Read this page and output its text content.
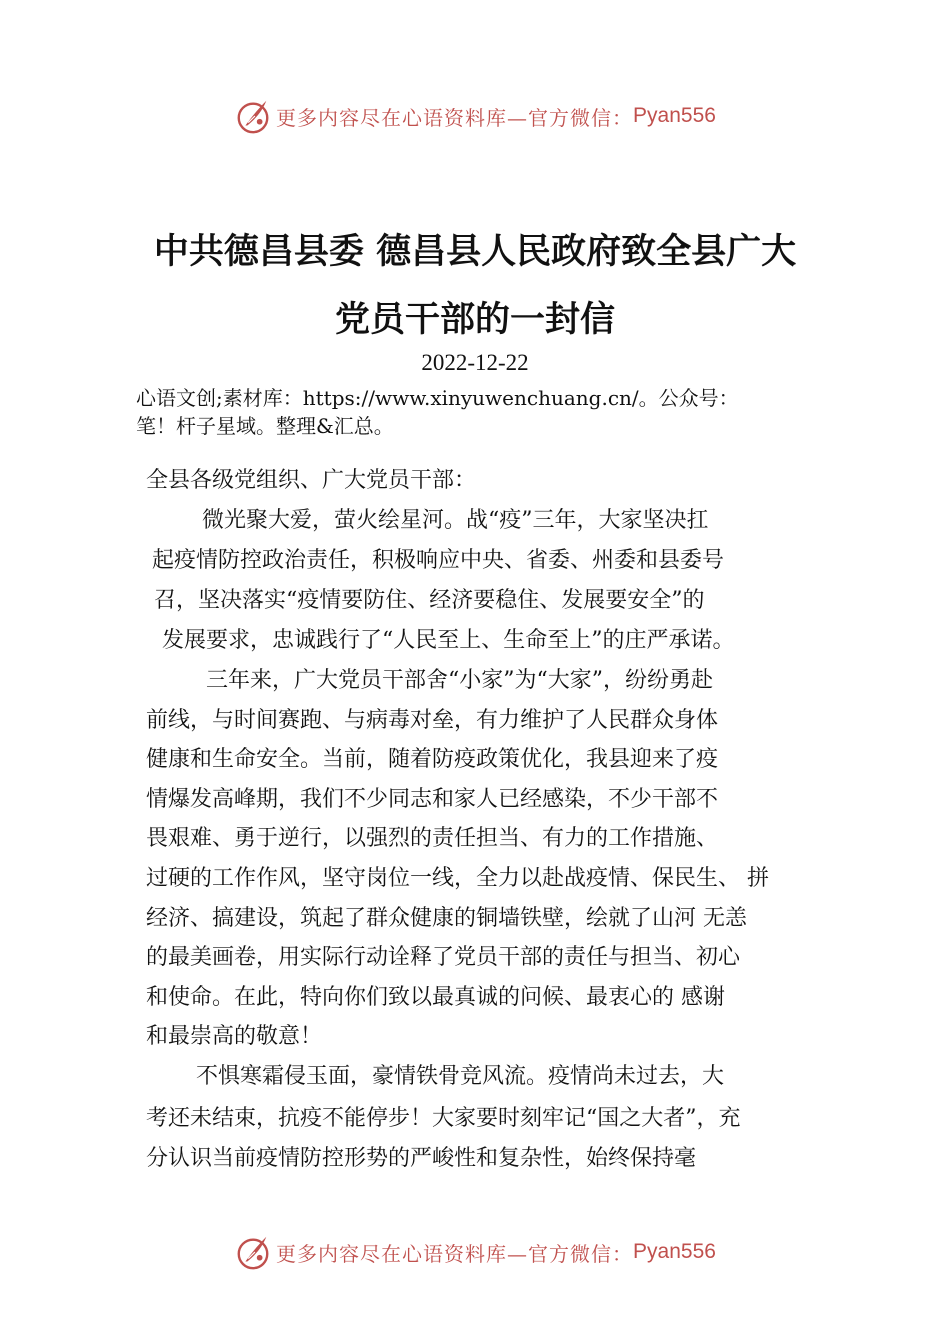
更多内容尽在心语资料库—官方微信： Pyan556
中共德昌县委 德昌县人民政府致全县广大
党员干部的一封信
2022-12-22
心语文创;素材库：https://www.xinyuwenchuang.cn/。公众号：
笔！杆子星域。整理&汇总。
全县各级党组织、广大党员干部：
微光聚大爱，萤火绘星河。战“疫”三年，大家坚决扛
起疫情防控政治责任，积极响应中央、省委、州委和县委号
召，坚决落实“疫情要防住、经济要稳住、发展要安全”的
发展要求，忠诚践行了“人民至上、生命至上”的庄严承诺。
三年来，广大党员干部舍“小家”为“大家”，纷纷勇赴
前线，与时间赛跑、与病毒对垒，有力维护了人民群众身体
健康和生命安全。当前，随着防疫政策优化，我县迎来了疫
情爆发高峰期，我们不少同志和家人已经感染，不少干部不
畏艰难、勇于逆行，以强烈的责任担当、有力的工作措施、
过硬的工作作风，坚守岗位一线，全力以赴战疫情、保民生、 拼
经济、搞建设，筑起了群众健康的铜墙铁壁，绘就了山河 无恙
的最美画卷，用实际行动诠释了党员干部的责任与担当、初心
和使命。在此，特向你们致以最真诚的问候、最衷心的 感谢
和最崇高的敬意！
不惧寒霜侵玉面，豪情铁骨竞风流。疫情尚未过去，大
考还未结束，抗疫不能停步！大家要时刻牢记“国之大者”，充
分认识当前疫情防控形势的严峻性和复杂性，始终保持毫
更多内容尽在心语资料库—官方微信： Pyan556
